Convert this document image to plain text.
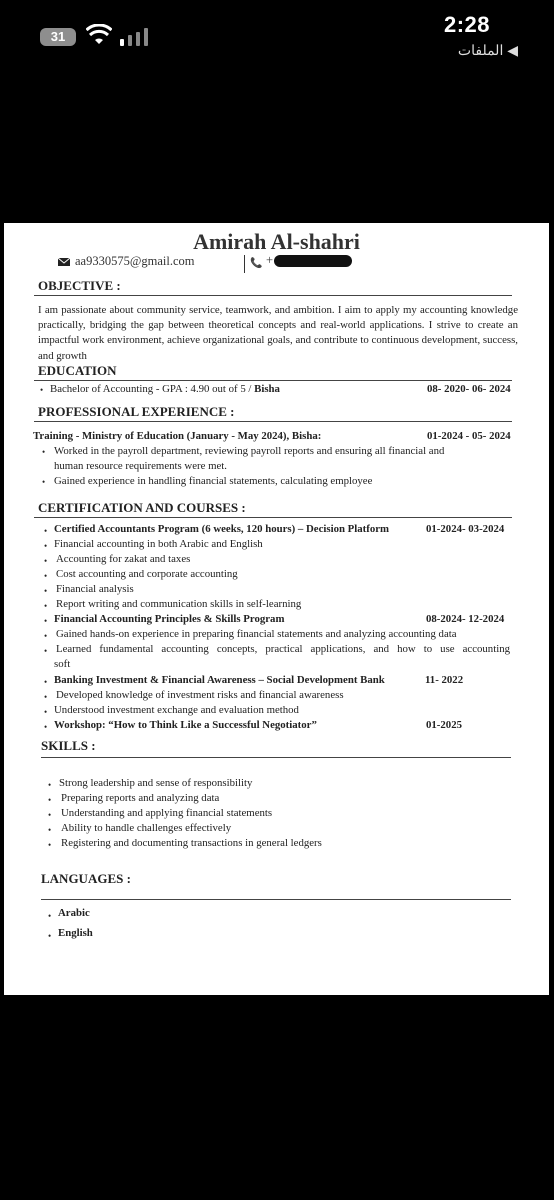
31	2:28
◀ الملفات
Amirah Al-shahri
aa9330575@gmail.com	📞 +
OBJECTIVE :
I am passionate about community service, teamwork, and ambition. I aim to apply my accounting knowledge practically, bridging the gap between theoretical concepts and real-world applications. I strive to create an impactful work environment, achieve organizational goals, and contribute to continuous development, success, and growth
EDUCATION
• Bachelor of Accounting - GPA : 4.90 out of 5 / Bisha	08- 2020- 06- 2024
PROFESSIONAL EXPERIENCE :
Training - Ministry of Education (January - May 2024), Bisha:	01-2024 - 05- 2024
• Worked in the payroll department, reviewing payroll reports and ensuring all financial and
human resource requirements were met.
• Gained experience in handling financial statements, calculating employee
CERTIFICATION AND COURSES :
• Certified Accountants Program (6 weeks, 120 hours) – Decision Platform	01-2024- 03-2024
• Financial accounting in both Arabic and English
• Accounting for zakat and taxes
• Cost accounting and corporate accounting
• Financial analysis
• Report writing and communication skills in self-learning
• Financial Accounting Principles & Skills Program	08-2024- 12-2024
• Gained hands-on experience in preparing financial statements and analyzing accounting data
• Learned fundamental accounting concepts, practical applications, and how to use accounting
soft
• Banking Investment & Financial Awareness – Social Development Bank	11- 2022
• Developed knowledge of investment risks and financial awareness
• Understood investment exchange and evaluation method
• Workshop: “How to Think Like a Successful Negotiator”	01-2025
SKILLS :
• Strong leadership and sense of responsibility
• Preparing reports and analyzing data
• Understanding and applying financial statements
• Ability to handle challenges effectively
• Registering and documenting transactions in general ledgers
LANGUAGES :
• Arabic
• English
